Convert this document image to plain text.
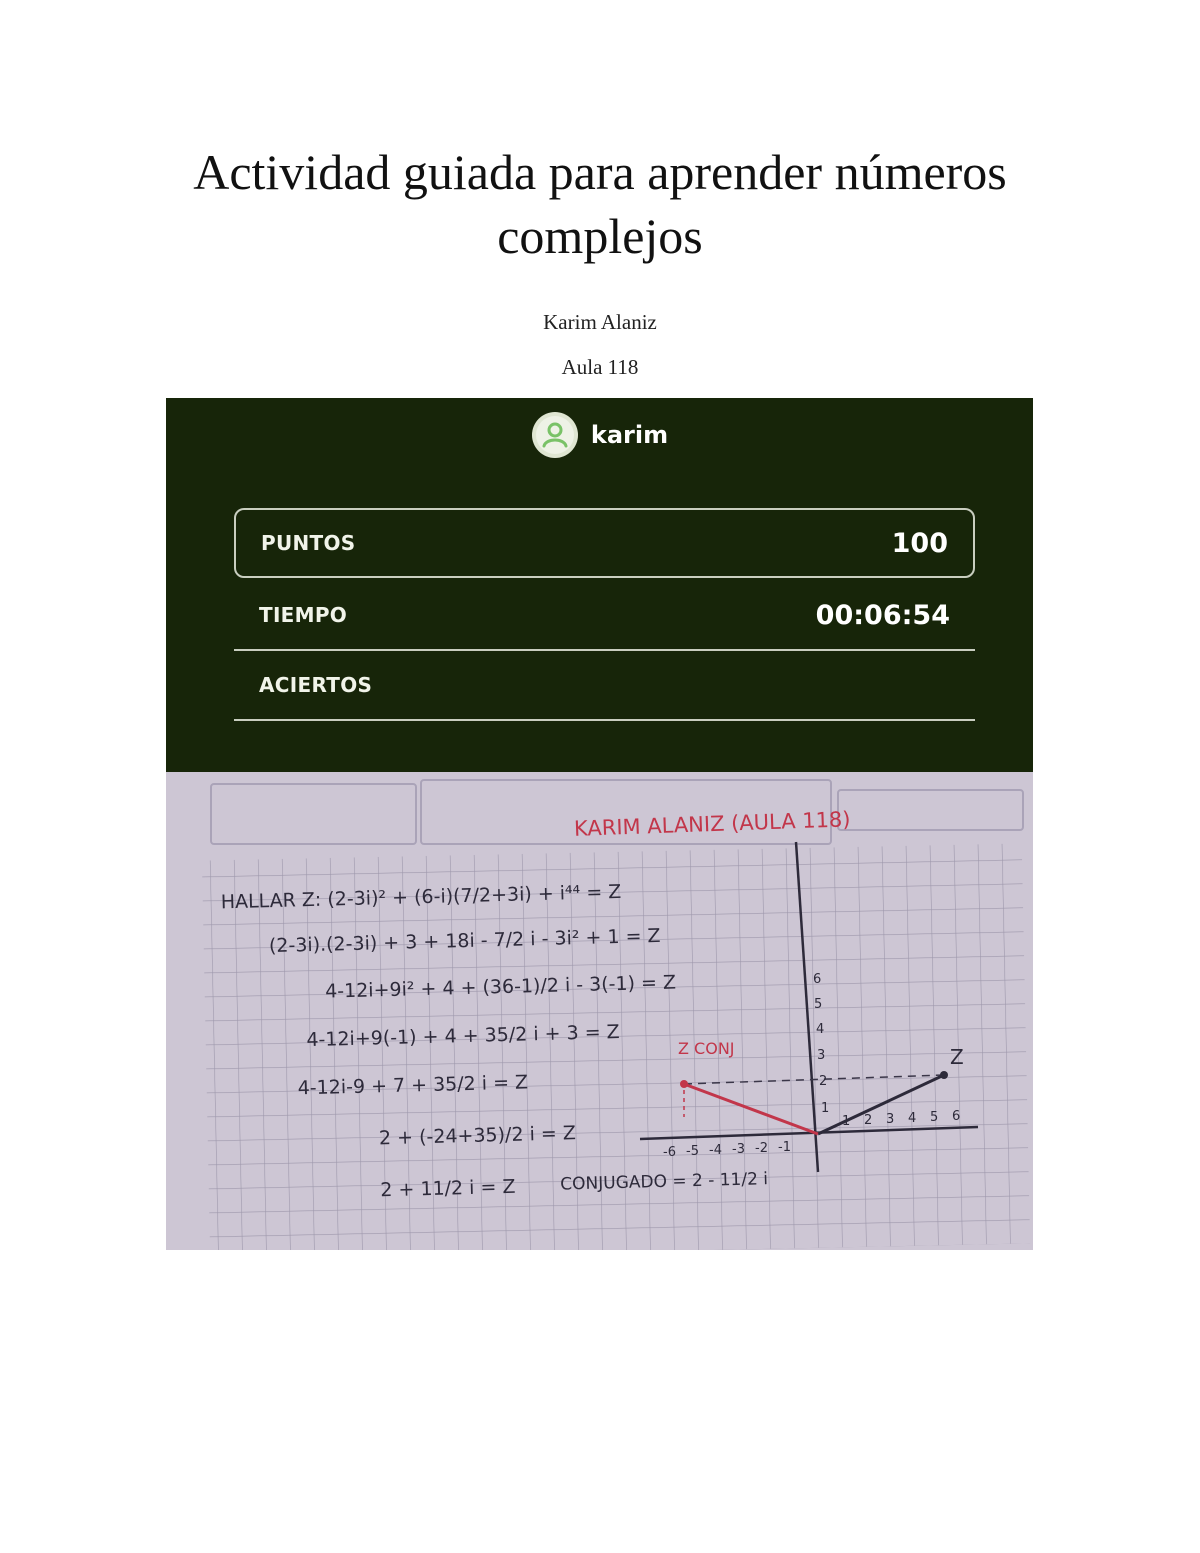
Actividad guiada para aprender números complejos
Karim Alaniz
Aula 118
karim
PUNTOS	100
TIEMPO	00:06:54
ACIERTOS
KARIM ALANIZ (AULA 118)
HALLAR Z: (2-3i)² + (6-i)(7/2+3i) + i⁴⁴ = Z
(2-3i).(2-3i) + 3 + 18i - 7/2 i - 3i² + 1 = Z
4-12i+9i² + 4 + (36-1)/2 i - 3(-1) = Z
4-12i+9(-1) + 4 + 35/2 i + 3 = Z
4-12i-9 + 7 + 35/2 i = Z
2 + (-24+35)/2 i = Z
2 + 11/2 i = Z	CONJUGADO = 2 - 11/2 i
Z
Z CONJ
-6 -5 -4 -3 -2 -1
1 2 3 4 5 6
1
2
3
4
5
6
